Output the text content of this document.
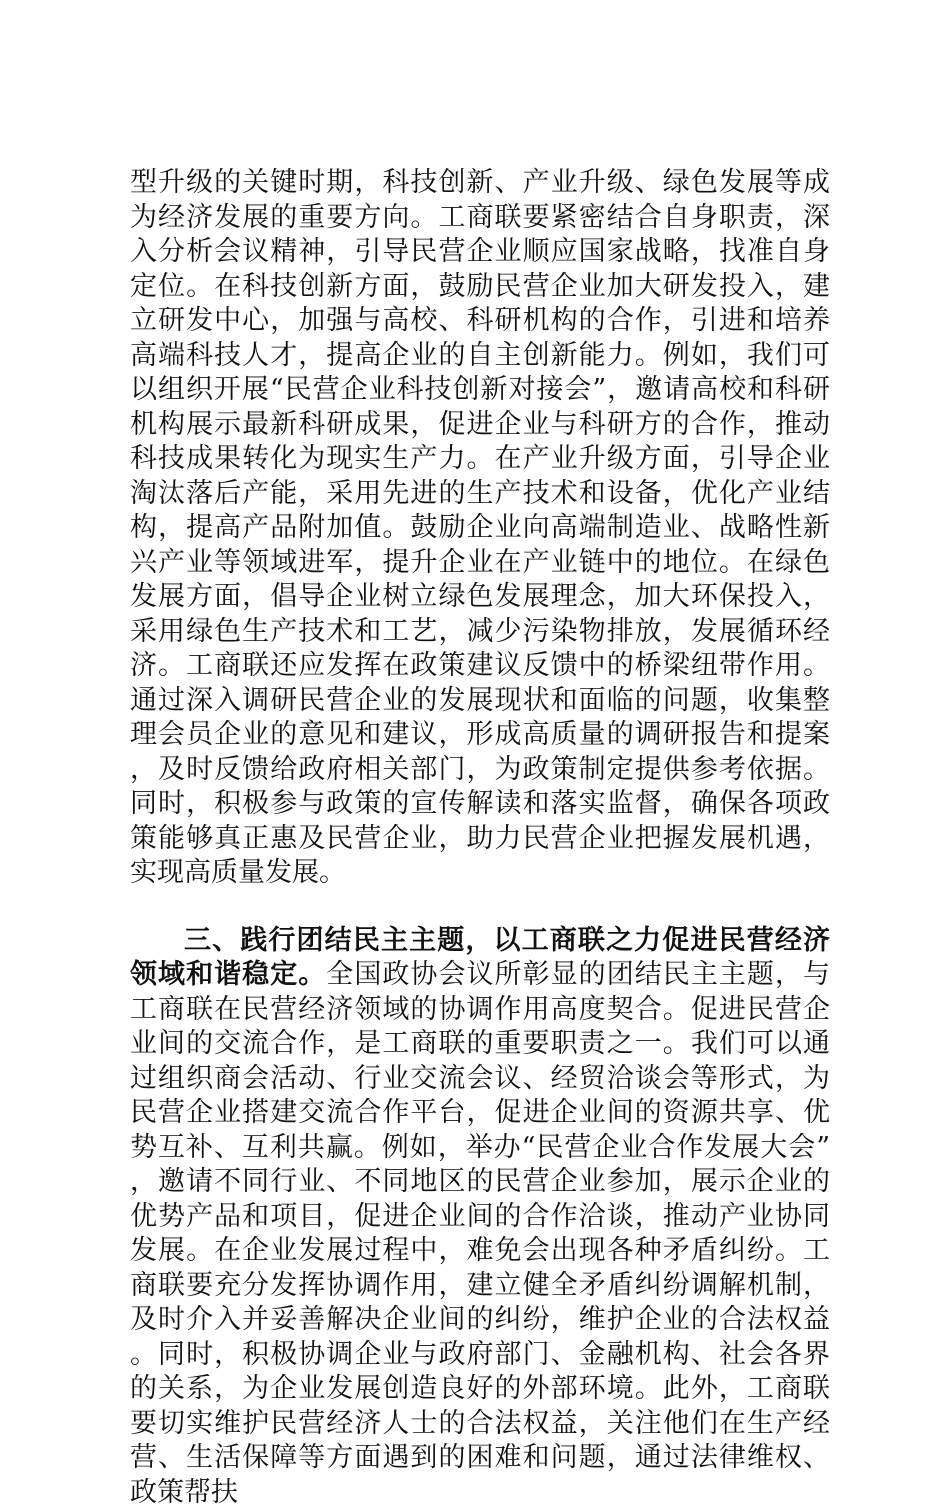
型升级的关键时期，科技创新、产业升级、绿色发展等成为经济发展的重要方向。工商联要紧密结合自身职责，深入分析会议精神，引导民营企业顺应国家战略，找准自身定位。在科技创新方面，鼓励民营企业加大研发投入，建立研发中心，加强与高校、科研机构的合作，引进和培养高端科技人才，提高企业的自主创新能力。例如，我们可以组织开展“民营企业科技创新对接会”，邀请高校和科研机构展示最新科研成果，促进企业与科研方的合作，推动科技成果转化为现实生产力。在产业升级方面，引导企业淘汰落后产能，采用先进的生产技术和设备，优化产业结构，提高产品附加值。鼓励企业向高端制造业、战略性新兴产业等领域进军，提升企业在产业链中的地位。在绿色发展方面，倡导企业树立绿色发展理念，加大环保投入，采用绿色生产技术和工艺，减少污染物排放，发展循环经济。工商联还应发挥在政策建议反馈中的桥梁纽带作用。通过深入调研民营企业的发展现状和面临的问题，收集整理会员企业的意见和建议，形成高质量的调研报告和提案，及时反馈给政府相关部门，为政策制定提供参考依据。同时，积极参与政策的宣传解读和落实监督，确保各项政策能够真正惠及民营企业，助力民营企业把握发展机遇，实现高质量发展。

三、践行团结民主主题，以工商联之力促进民营经济领域和谐稳定。全国政协会议所彰显的团结民主主题，与工商联在民营经济领域的协调作用高度契合。促进民营企业间的交流合作，是工商联的重要职责之一。我们可以通过组织商会活动、行业交流会议、经贸洽谈会等形式，为民营企业搭建交流合作平台，促进企业间的资源共享、优势互补、互利共赢。例如，举办“民营企业合作发展大会”，邀请不同行业、不同地区的民营企业参加，展示企业的优势产品和项目，促进企业间的合作洽谈，推动产业协同发展。在企业发展过程中，难免会出现各种矛盾纠纷。工商联要充分发挥协调作用，建立健全矛盾纠纷调解机制，及时介入并妥善解决企业间的纠纷，维护企业的合法权益。同时，积极协调企业与政府部门、金融机构、社会各界的关系，为企业发展创造良好的外部环境。此外，工商联要切实维护民营经济人士的合法权益，关注他们在生产经营、生活保障等方面遇到的困难和问题，通过法律维权、政策帮扶
